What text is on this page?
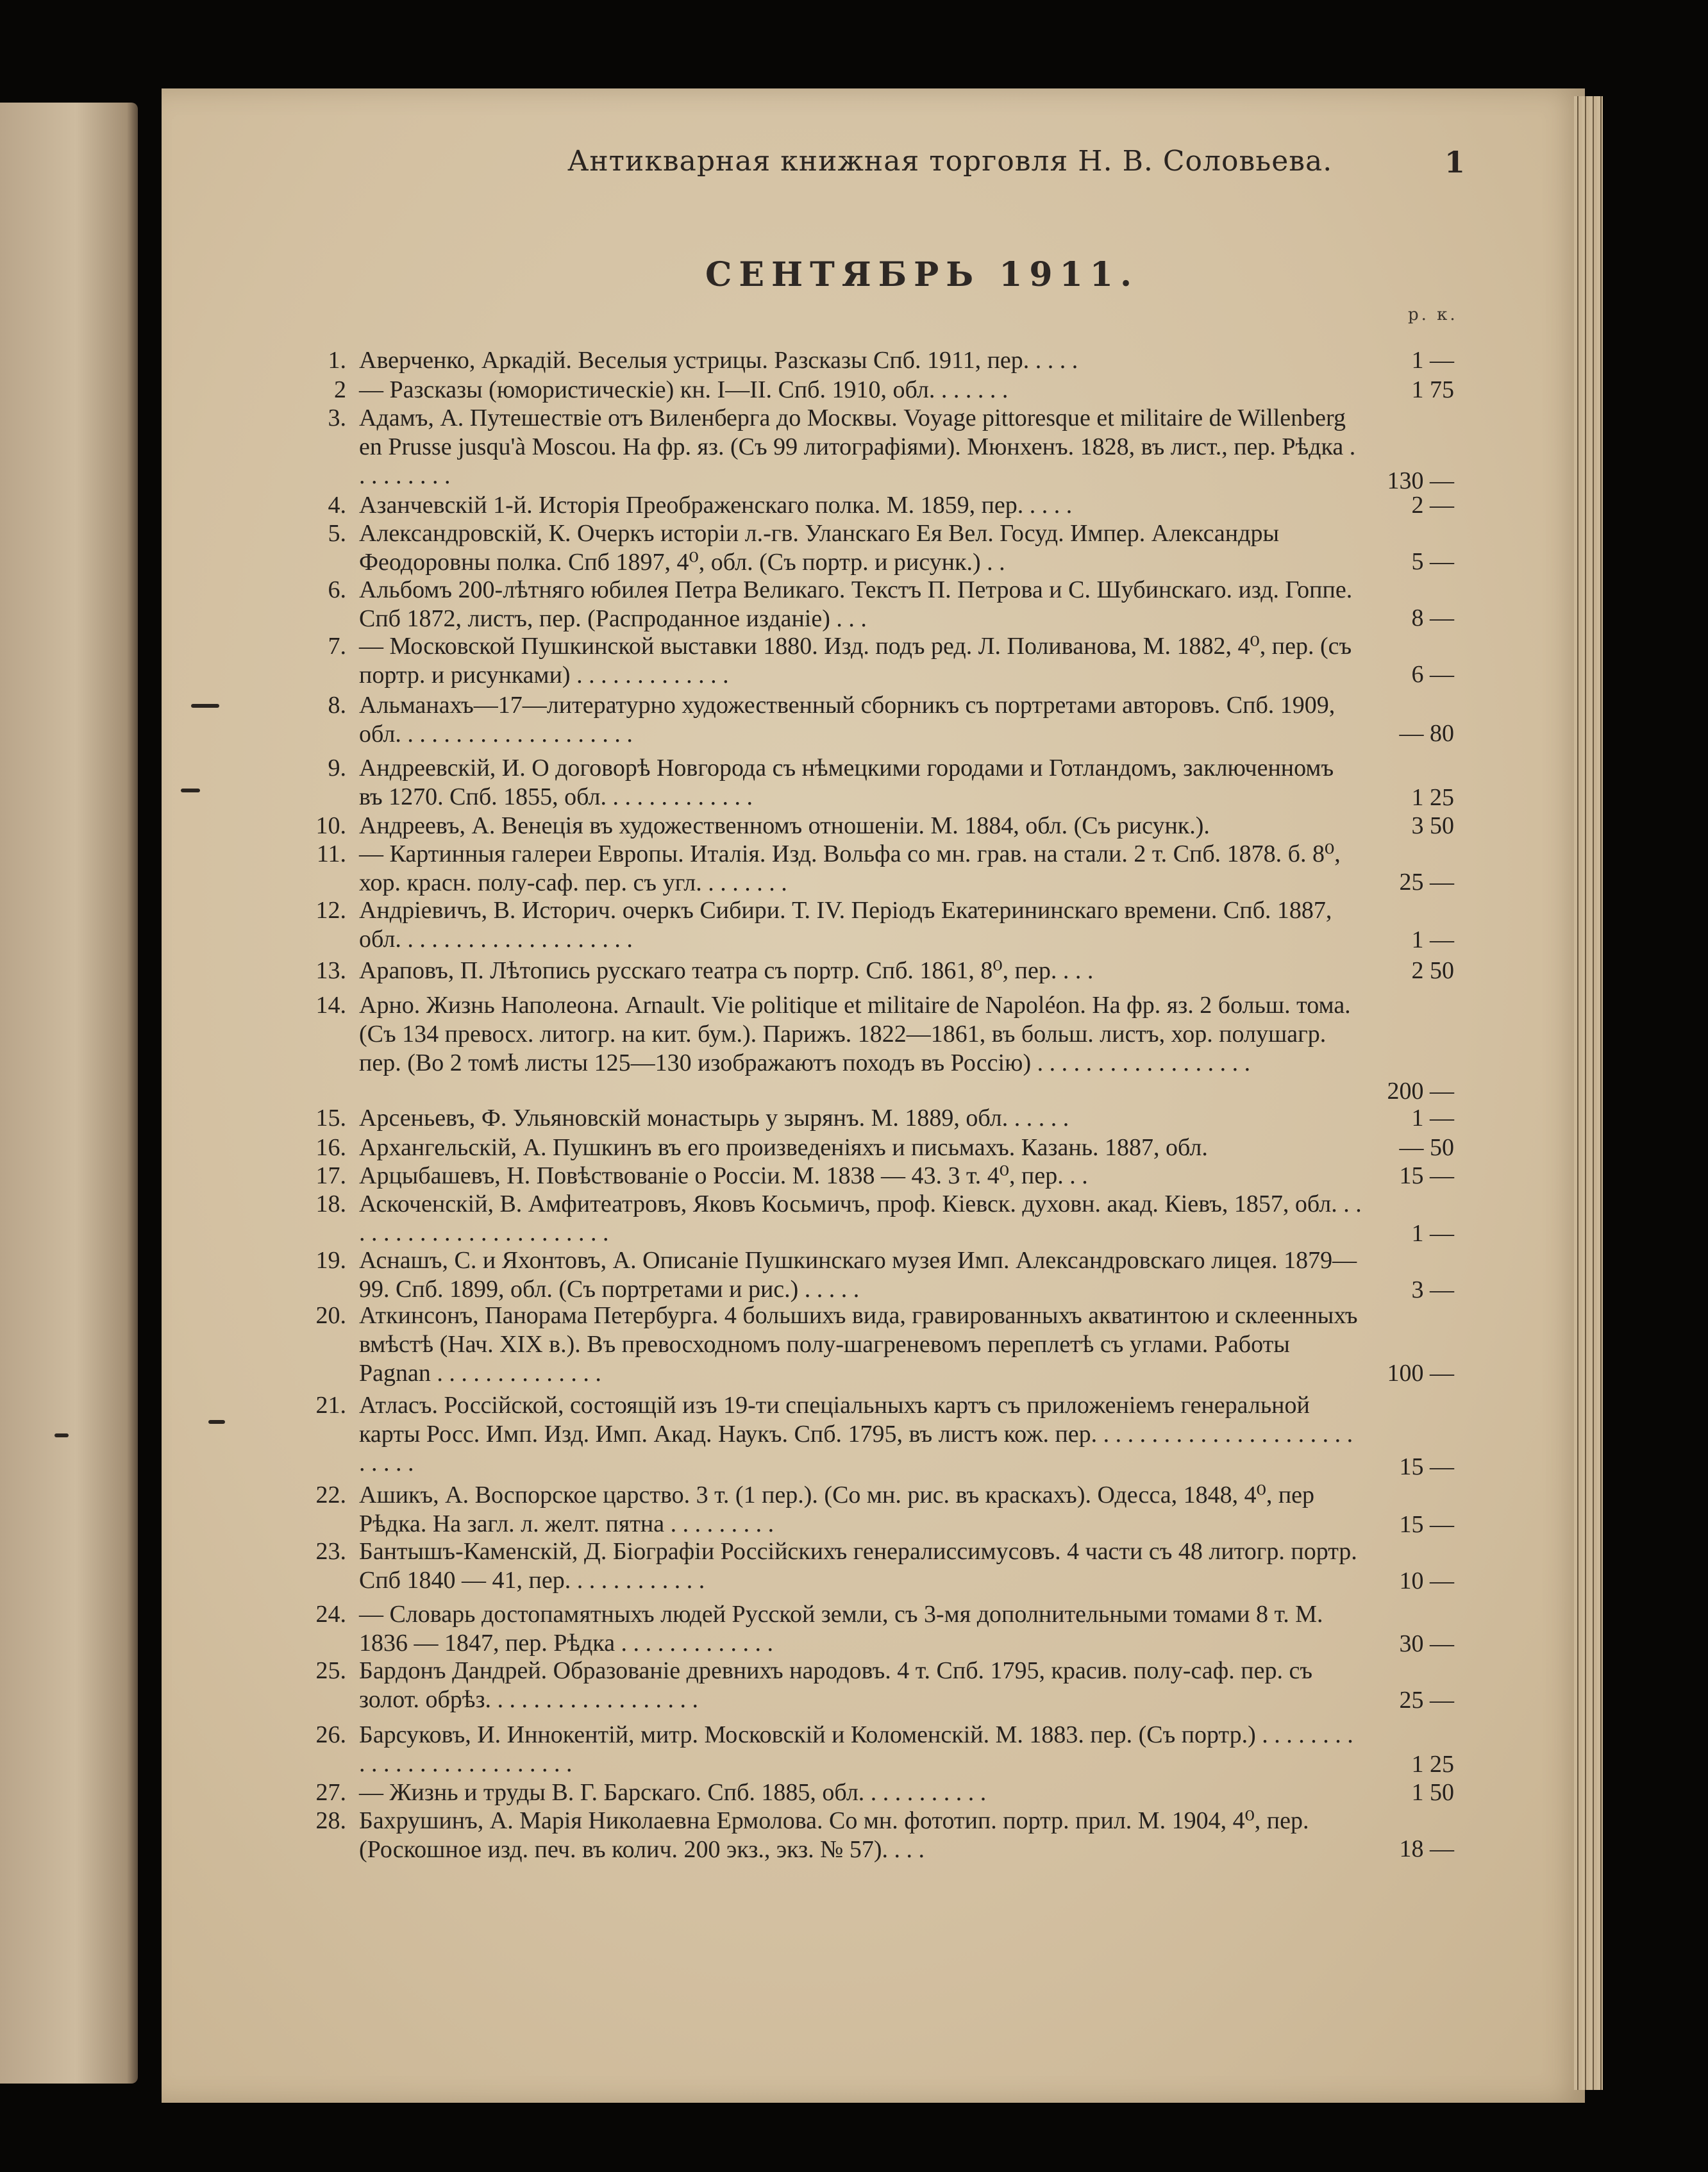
Антикварная книжная торговля Н. В. Соловьева.	1
СЕНТЯБРЬ 1911.
р. к.
1. Аверченко, Аркадій. Веселыя устрицы. Разсказы Спб. 1911, пер. . . . .	1 —
2 — Разсказы (юмористическіе) кн. I—II. Спб. 1910, обл. . . . . . .	1 75
3. Адамъ, А. Путешествіе отъ Виленберга до Москвы. Voyage pittoresque et militaire de Willenberg en Prusse jusqu'à Moscou. На фр. яз. (Съ 99 литографіями). Мюнхенъ. 1828, въ лист., пер. Рѣдка . . . . . . . . .	130 —
4. Азанчевскій 1-й. Исторія Преображенскаго полка. М. 1859, пер. . . . .	2 —
5. Александровскій, К. Очеркъ исторіи л.-гв. Уланскаго Ея Вел. Госуд. Импер. Александры Феодоровны полка. Спб 1897, 4⁰, обл. (Съ портр. и рисунк.) . .	5 —
6. Альбомъ 200-лѣтняго юбилея Петра Великаго. Текстъ П. Петрова и С. Шубинскаго. изд. Гоппе. Спб 1872, листъ, пер. (Распроданное изданіе) . . .	8 —
7. — Московской Пушкинской выставки 1880. Изд. подъ ред. Л. Поливанова, М. 1882, 4⁰, пер. (съ портр. и рисунками) . . . . . . . . . . . . .	6 —
8. Альманахъ—17—литературно художественный сборникъ съ портретами авторовъ. Спб. 1909, обл. . . . . . . . . . . . . . . . . . . .	— 80
9. Андреевскій, И. О договорѣ Новгорода съ нѣмецкими городами и Готландомъ, заключенномъ въ 1270. Спб. 1855, обл. . . . . . . . . . . . .	1 25
10. Андреевъ, А. Венеція въ художественномъ отношеніи. М. 1884, обл. (Съ рисунк.).	3 50
11. — Картинныя галереи Европы. Италія. Изд. Вольфа со мн. грав. на стали. 2 т. Спб. 1878. б. 8⁰, хор. красн. полу-саф. пер. съ угл. . . . . . . .	25 —
12. Андріевичъ, В. Историч. очеркъ Сибири. Т. IV. Періодъ Екатерининскаго времени. Спб. 1887, обл. . . . . . . . . . . . . . . . . . . .	1 —
13. Араповъ, П. Лѣтопись русскаго театра съ портр. Спб. 1861, 8⁰, пер. . . .	2 50
14. Арно. Жизнь Наполеона. Arnault. Vie politique et militaire de Napoléon. На фр. яз. 2 больш. тома. (Съ 134 превосх. литогр. на кит. бум.). Парижъ. 1822—1861, въ больш. листъ, хор. полушагр. пер. (Во 2 томѣ листы 125—130 изображаютъ походъ въ Россію) . . . . . . . . . . . . . . . . . .
200 —
15. Арсеньевъ, Ф. Ульяновскій монастырь у зырянъ. М. 1889, обл. . . . . .	1 —
16. Архангельскій, А. Пушкинъ въ его произведеніяхъ и письмахъ. Казань. 1887, обл.	— 50
17. Арцыбашевъ, Н. Повѣствованіе о Россіи. М. 1838 — 43. 3 т. 4⁰, пер. . .	15 —
18. Аскоченскій, В. Амфитеатровъ, Яковъ Косьмичъ, проф. Кіевск. духовн. акад. Кіевъ, 1857, обл. . . . . . . . . . . . . . . . . . . . . . . .	1 —
19. Аснашъ, С. и Яхонтовъ, А. Описаніе Пушкинскаго музея Имп. Александровскаго лицея. 1879—99. Спб. 1899, обл. (Съ портретами и рис.) . . . . .	3 —
20. Аткинсонъ, Панорама Петербурга. 4 большихъ вида, гравированныхъ акватинтою и склеенныхъ вмѣстѣ (Нач. XIX в.). Въ превосходномъ полу-шагреневомъ переплетѣ съ углами. Работы Pagnan . . . . . . . . . . . . . .	100 —
21. Атласъ. Россійской, состоящій изъ 19-ти спеціальныхъ картъ съ приложеніемъ генеральной карты Росс. Имп. Изд. Имп. Акад. Наукъ. Спб. 1795, въ листъ кож. пер. . . . . . . . . . . . . . . . . . . . . . . . . . .	15 —
22. Ашикъ, А. Воспорское царство. 3 т. (1 пер.). (Со мн. рис. въ краскахъ). Одесса, 1848, 4⁰, пер Рѣдка. На загл. л. желт. пятна . . . . . . . . .	15 —
23. Бантышъ-Каменскій, Д. Біографіи Россійскихъ генералиссимусовъ. 4 части съ 48 литогр. портр. Спб 1840 — 41, пер. . . . . . . . . . . .	10 —
24. — Словарь достопамятныхъ людей Русской земли, съ 3-мя дополнительными томами 8 т. М. 1836 — 1847, пер. Рѣдка . . . . . . . . . . . . .	30 —
25. Бардонъ Дандрей. Образованіе древнихъ народовъ. 4 т. Спб. 1795, красив. полу-саф. пер. съ золот. обрѣз. . . . . . . . . . . . . . . . . .	25 —
26. Барсуковъ, И. Иннокентій, митр. Московскій и Коломенскій. М. 1883. пер. (Съ портр.) . . . . . . . . . . . . . . . . . . . . . . . . . .	1 25
27. — Жизнь и труды В. Г. Барскаго. Спб. 1885, обл. . . . . . . . . . .	1 50
28. Бахрушинъ, А. Марія Николаевна Ермолова. Со мн. фототип. портр. прил. М. 1904, 4⁰, пер. (Роскошное изд. печ. въ колич. 200 экз., экз. № 57). . . .	18 —
